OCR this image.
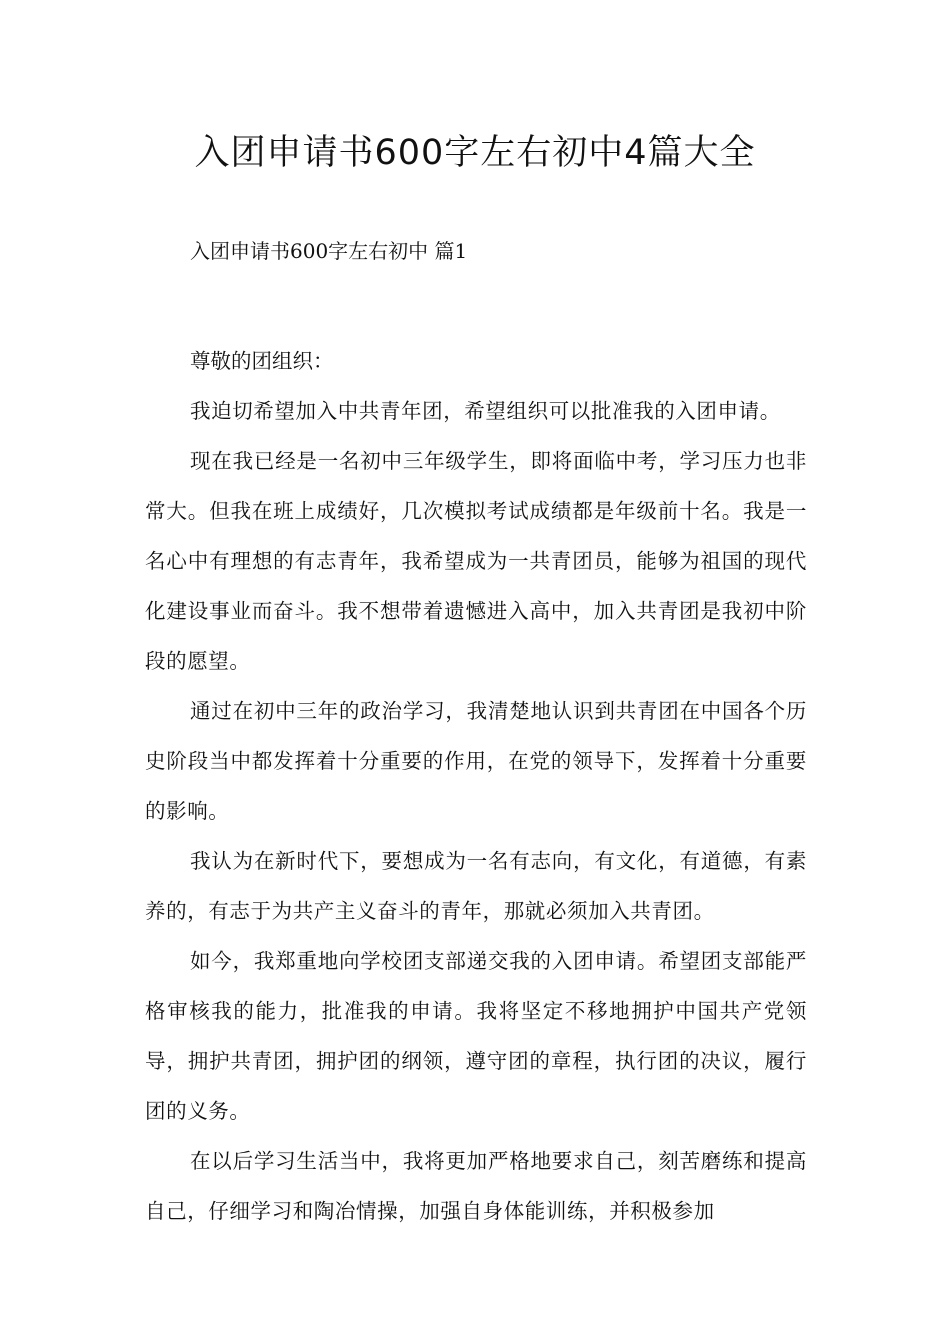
入团申请书600字左右初中4篇大全

入团申请书600字左右初中 篇1

尊敬的团组织：

我迫切希望加入中共青年团，希望组织可以批准我的入团申请。

现在我已经是一名初中三年级学生，即将面临中考，学习压力也非常大。但我在班上成绩好，几次模拟考试成绩都是年级前十名。我是一名心中有理想的有志青年，我希望成为一共青团员，能够为祖国的现代化建设事业而奋斗。我不想带着遗憾进入高中，加入共青团是我初中阶段的愿望。

通过在初中三年的政治学习，我清楚地认识到共青团在中国各个历史阶段当中都发挥着十分重要的作用，在党的领导下，发挥着十分重要的影响。

我认为在新时代下，要想成为一名有志向，有文化，有道德，有素养的，有志于为共产主义奋斗的青年，那就必须加入共青团。

如今，我郑重地向学校团支部递交我的入团申请。希望团支部能严格审核我的能力，批准我的申请。我将坚定不移地拥护中国共产党领导，拥护共青团，拥护团的纲领，遵守团的章程，执行团的决议，履行团的义务。

在以后学习生活当中，我将更加严格地要求自己，刻苦磨练和提高自己，仔细学习和陶冶情操，加强自身体能训练，并积极参加
